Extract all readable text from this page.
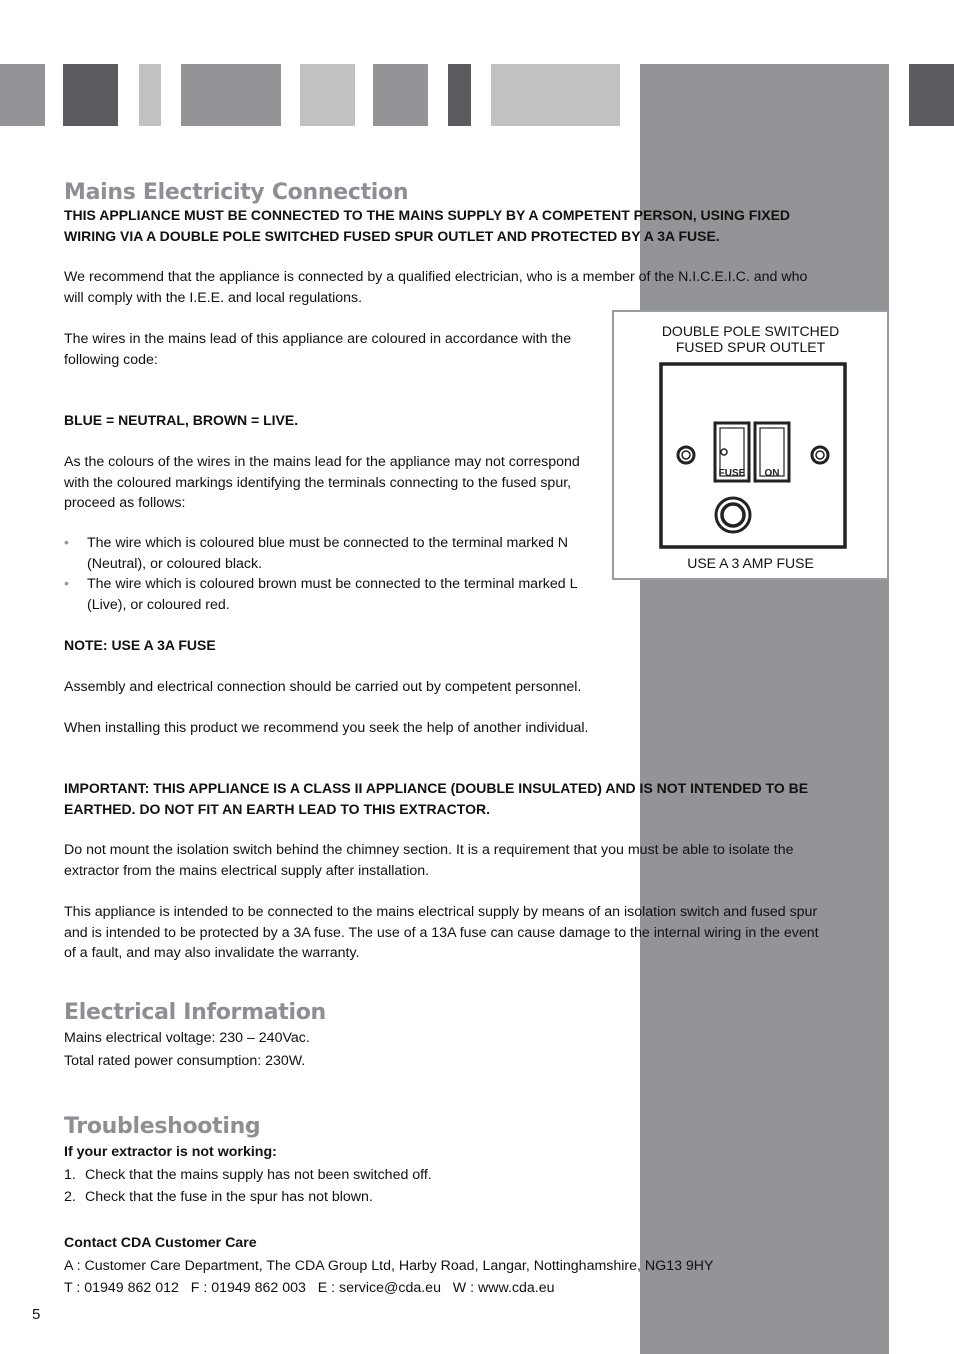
Mains Electricity Connection

THIS APPLIANCE MUST BE CONNECTED TO THE MAINS SUPPLY BY A COMPETENT PERSON, USING FIXED WIRING VIA A DOUBLE POLE SWITCHED FUSED SPUR OUTLET AND PROTECTED BY A 3A FUSE.

We recommend that the appliance is connected by a qualified electrician, who is a member of the N.I.C.E.I.C. and who will comply with the I.E.E. and local regulations.

The wires in the mains lead of this appliance are coloured in accordance with the following code:

BLUE = NEUTRAL, BROWN = LIVE.

As the colours of the wires in the mains lead for the appliance may not correspond with the coloured markings identifying the terminals connecting to the fused spur, proceed as follows:

• The wire which is coloured blue must be connected to the terminal marked N (Neutral), or coloured black.
• The wire which is coloured brown must be connected to the terminal marked L (Live), or coloured red.

NOTE: USE A 3A FUSE

Assembly and electrical connection should be carried out by competent personnel.

When installing this product we recommend you seek the help of another individual.

IMPORTANT: THIS APPLIANCE IS A CLASS II APPLIANCE (DOUBLE INSULATED) AND IS NOT INTENDED TO BE EARTHED. DO NOT FIT AN EARTH LEAD TO THIS EXTRACTOR.

Do not mount the isolation switch behind the chimney section. It is a requirement that you must be able to isolate the extractor from the mains electrical supply after installation.

This appliance is intended to be connected to the mains electrical supply by means of an isolation switch and fused spur and is intended to be protected by a 3A fuse. The use of a 13A fuse can cause damage to the internal wiring in the event of a fault, and may also invalidate the warranty.

Electrical Information

Mains electrical voltage: 230 – 240Vac.

Total rated power consumption: 230W.

Troubleshooting

If your extractor is not working:

1. Check that the mains supply has not been switched off.
2. Check that the fuse in the spur has not blown.

Contact CDA Customer Care

A : Customer Care Department, The CDA Group Ltd, Harby Road, Langar, Nottinghamshire, NG13 9HY

T : 01949 862 012   F : 01949 862 003   E : service@cda.eu   W : www.cda.eu

DOUBLE POLE SWITCHED
FUSED SPUR OUTLET
FUSE ON
USE A 3 AMP FUSE
5
